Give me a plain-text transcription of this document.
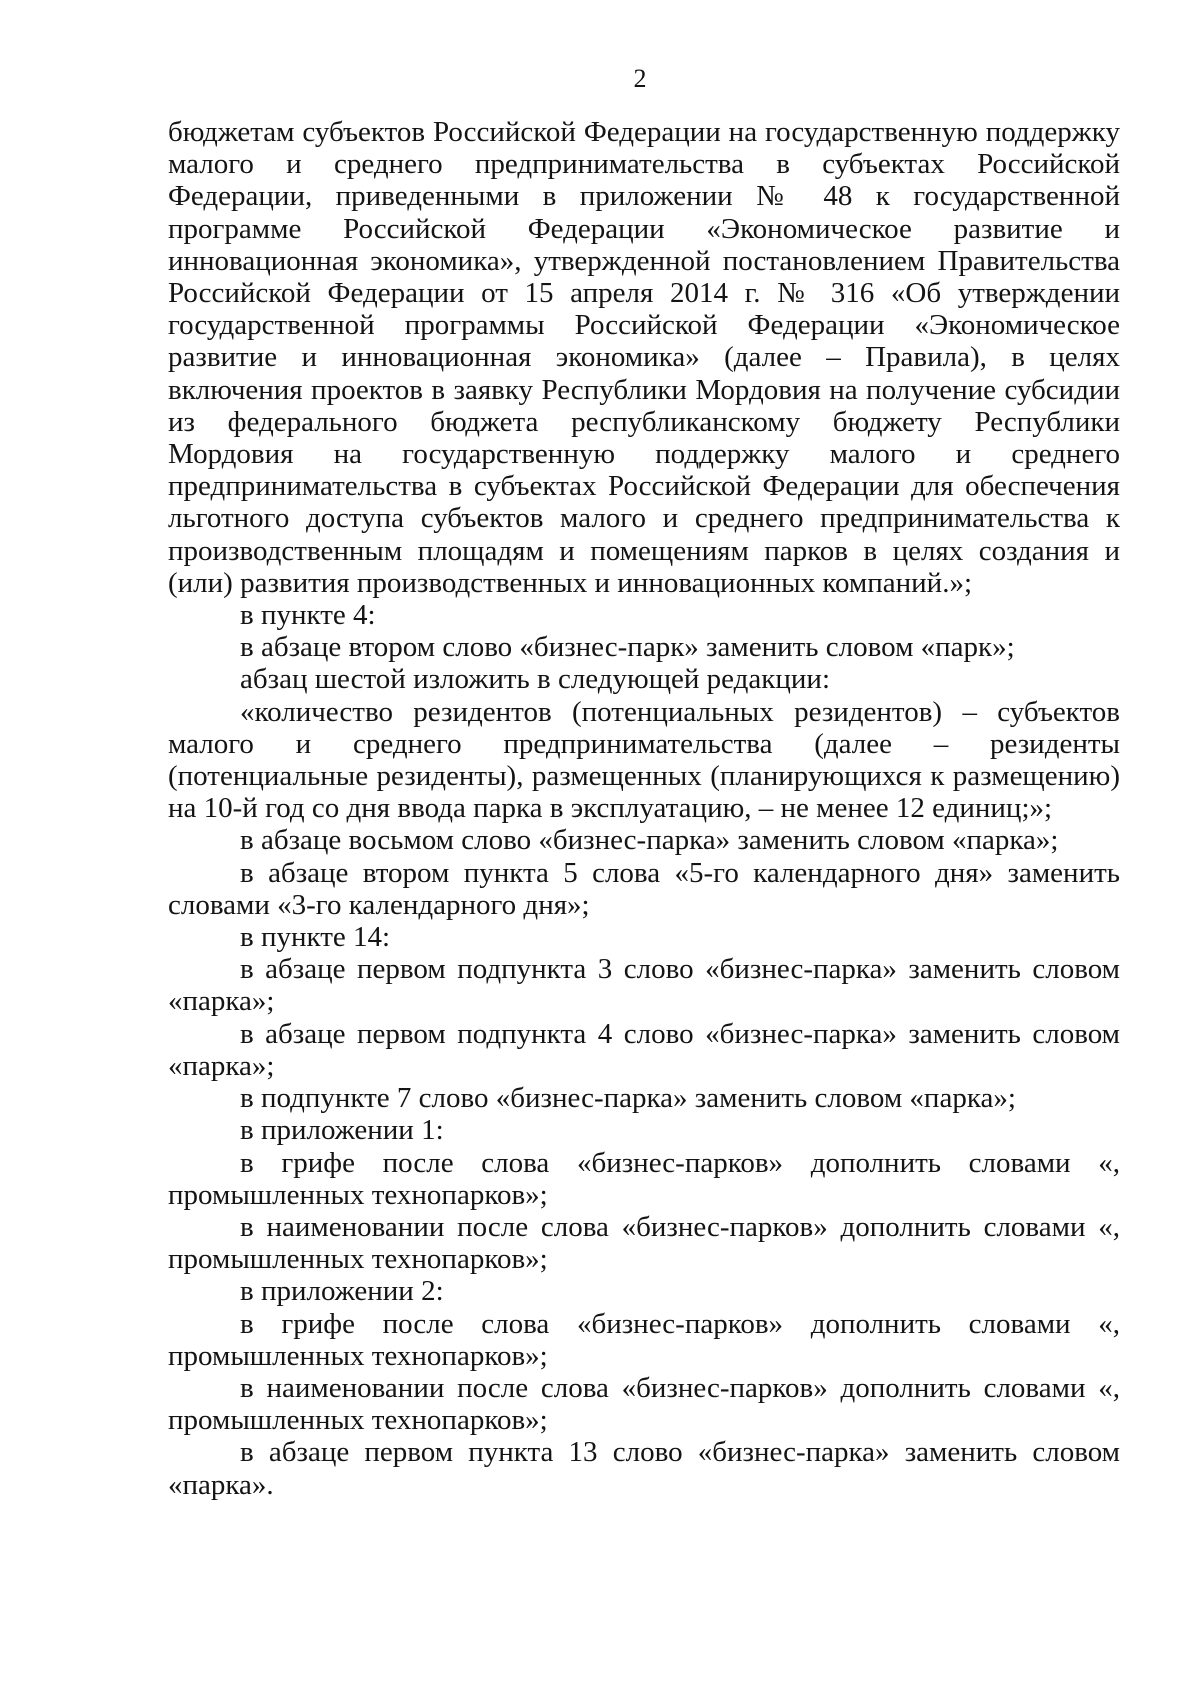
2

бюджетам субъектов Российской Федерации на государственную поддержку малого и среднего предпринимательства в субъектах Российской Федерации, приведенными в приложении № 48 к государственной программе Российской Федерации «Экономическое развитие и инновационная экономика», утвержденной постановлением Правительства Российской Федерации от 15 апреля 2014 г. № 316 «Об утверждении государственной программы Российской Федерации «Экономическое развитие и инновационная экономика» (далее – Правила), в целях включения проектов в заявку Республики Мордовия на получение субсидии из федерального бюджета республиканскому бюджету Республики Мордовия на государственную поддержку малого и среднего предпринимательства в субъектах Российской Федерации для обеспечения льготного доступа субъектов малого и среднего предпринимательства к производственным площадям и помещениям парков в целях создания и (или) развития производственных и инновационных компаний.»;

в пункте 4:

в абзаце втором слово «бизнес-парк» заменить словом «парк»;

абзац шестой изложить в следующей редакции:

«количество резидентов (потенциальных резидентов) – субъектов малого и среднего предпринимательства (далее – резиденты (потенциальные резиденты), размещенных (планирующихся к размещению) на 10-й год со дня ввода парка в эксплуатацию, – не менее 12 единиц;»;

в абзаце восьмом слово «бизнес-парка» заменить словом «парка»;

в абзаце втором пункта 5 слова «5-го календарного дня» заменить словами «3-го календарного дня»;

в пункте 14:

в абзаце первом подпункта 3 слово «бизнес-парка» заменить словом «парка»;

в абзаце первом подпункта 4 слово «бизнес-парка» заменить словом «парка»;

в подпункте 7 слово «бизнес-парка» заменить словом «парка»;

в приложении 1:

в грифе после слова «бизнес-парков» дополнить словами «, промышленных технопарков»;

в наименовании после слова «бизнес-парков» дополнить словами «, промышленных технопарков»;

в приложении 2:

в грифе после слова «бизнес-парков» дополнить словами «, промышленных технопарков»;

в наименовании после слова «бизнес-парков» дополнить словами «, промышленных технопарков»;

в абзаце первом пункта 13 слово «бизнес-парка» заменить словом «парка».
